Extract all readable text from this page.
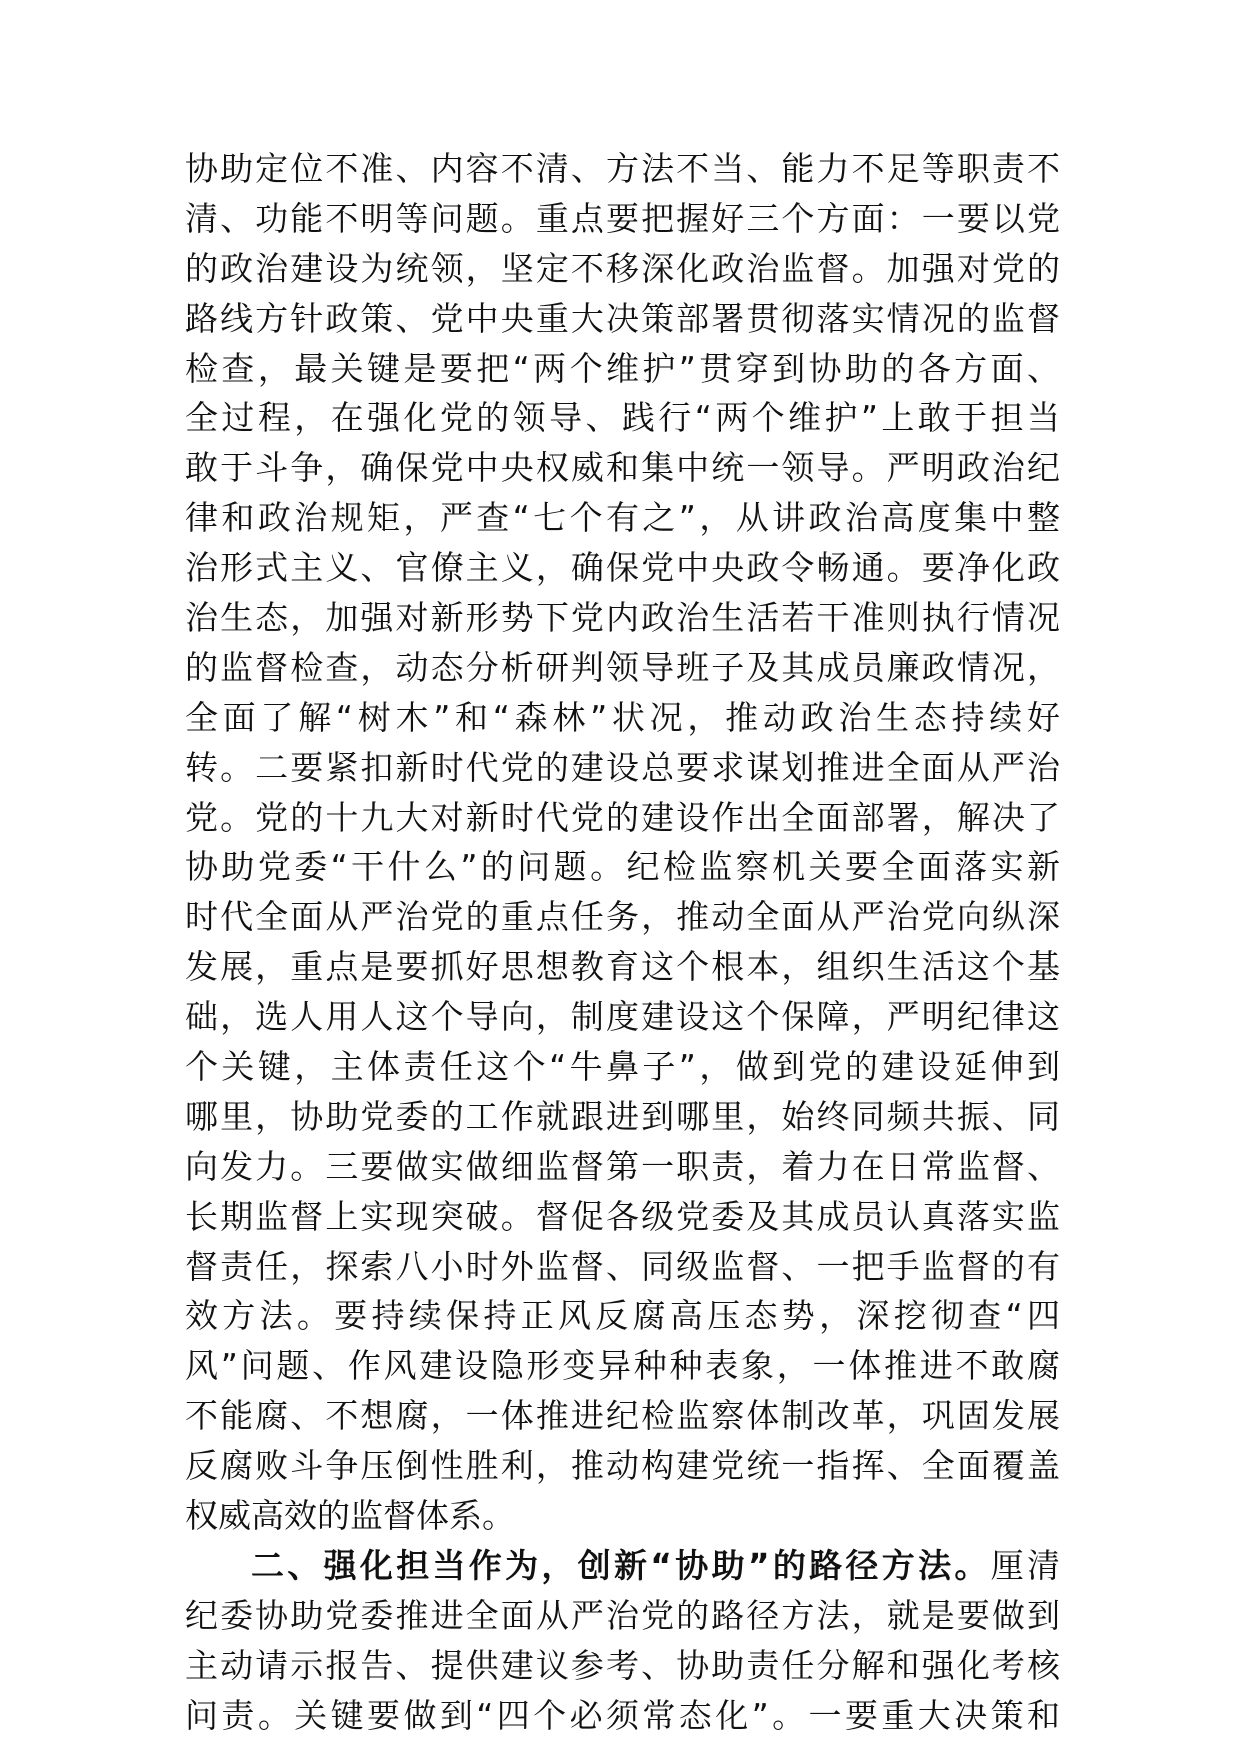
协助定位不准、内容不清、方法不当、能力不足等职责不
清、功能不明等问题。重点要把握好三个方面：一要以党
的政治建设为统领，坚定不移深化政治监督。加强对党的
路线方针政策、党中央重大决策部署贯彻落实情况的监督
检查，最关键是要把“两个维护”贯穿到协助的各方面、
全过程，在强化党的领导、践行“两个维护”上敢于担当
敢于斗争，确保党中央权威和集中统一领导。严明政治纪
律和政治规矩，严查“七个有之”，从讲政治高度集中整
治形式主义、官僚主义，确保党中央政令畅通。要净化政
治生态，加强对新形势下党内政治生活若干准则执行情况
的监督检查，动态分析研判领导班子及其成员廉政情况，
全面了解“树木”和“森林”状况，推动政治生态持续好
转。二要紧扣新时代党的建设总要求谋划推进全面从严治
党。党的十九大对新时代党的建设作出全面部署，解决了
协助党委“干什么”的问题。纪检监察机关要全面落实新
时代全面从严治党的重点任务，推动全面从严治党向纵深
发展，重点是要抓好思想教育这个根本，组织生活这个基
础，选人用人这个导向，制度建设这个保障，严明纪律这
个关键，主体责任这个“牛鼻子”，做到党的建设延伸到
哪里，协助党委的工作就跟进到哪里，始终同频共振、同
向发力。三要做实做细监督第一职责，着力在日常监督、
长期监督上实现突破。督促各级党委及其成员认真落实监
督责任，探索八小时外监督、同级监督、一把手监督的有
效方法。要持续保持正风反腐高压态势，深挖彻查“四
风”问题、作风建设隐形变异种种表象，一体推进不敢腐
不能腐、不想腐，一体推进纪检监察体制改革，巩固发展
反腐败斗争压倒性胜利，推动构建党统一指挥、全面覆盖
权威高效的监督体系。
二、强化担当作为，创新“协助”的路径方法。厘清
纪委协助党委推进全面从严治党的路径方法，就是要做到
主动请示报告、提供建议参考、协助责任分解和强化考核
问责。关键要做到“四个必须常态化”。一要重大决策和
